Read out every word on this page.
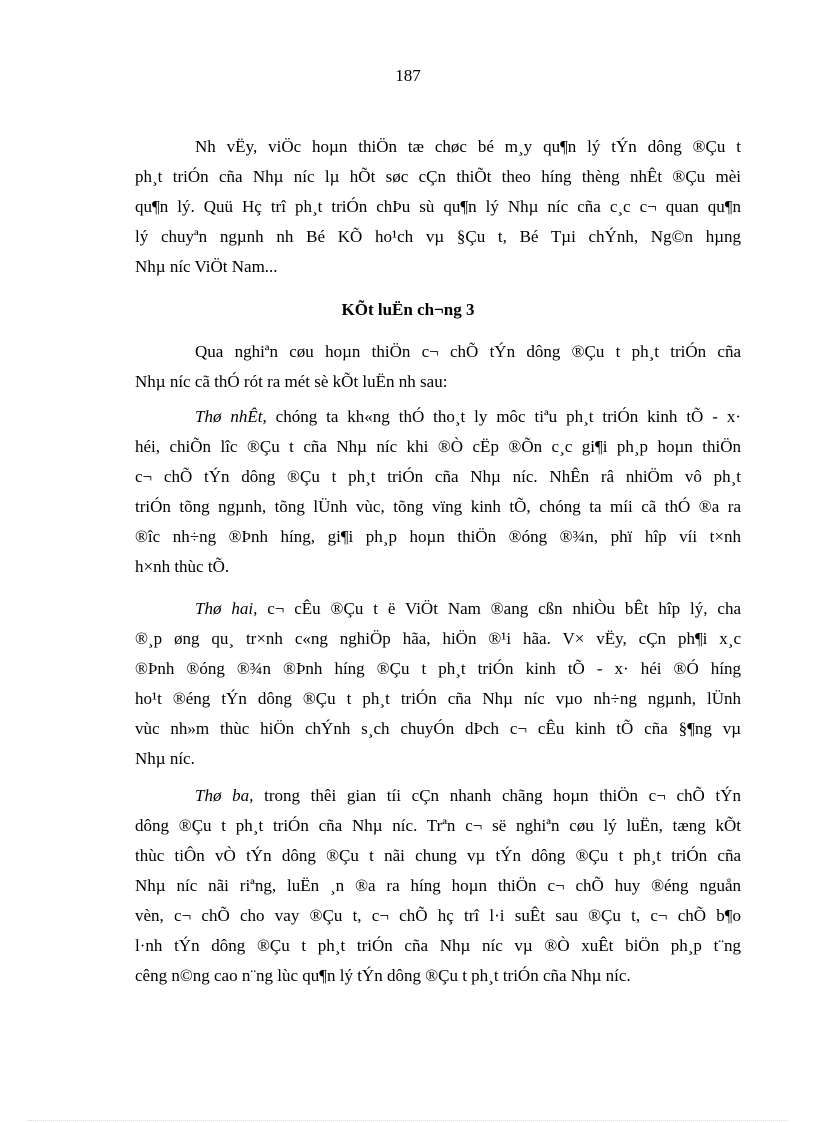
187
Nh vËy, viÖc hoµn thiÖn tæ chøc bé m¸y qu¶n lý tÝn dông ®Çu t
ph¸t triÓn cña Nhµ níc lµ hÕt søc cÇn thiÕt theo híng thèng nhÊt ®Çu mèi
qu¶n lý. Quü Hç trî ph¸t triÓn chÞu sù qu¶n lý Nhµ níc cña c¸c c¬ quan qu¶n
lý chuyªn ngµnh nh Bé KÕ ho¹ch vµ §Çu t, Bé Tµi chÝnh, Ng©n hµng
Nhµ níc ViÖt Nam...
KÕt luËn ch¬ng 3
Qua nghiªn cøu hoµn thiÖn c¬ chÕ tÝn dông ®Çu t ph¸t triÓn cña
Nhµ níc cã thÓ rót ra mét sè kÕt luËn nh sau:
Thø nhÊt, chóng ta kh«ng thÓ tho¸t ly môc tiªu ph¸t triÓn kinh tÕ - x·
héi, chiÕn lîc ®Çu t cña Nhµ níc khi ®Ò cËp ®Õn c¸c gi¶i ph¸p hoµn thiÖn
c¬ chÕ tÝn dông ®Çu t ph¸t triÓn cña Nhµ níc. NhÊn râ nhiÖm vô ph¸t
triÓn tõng ngµnh, tõng lÜnh vùc, tõng vïng kinh tÕ, chóng ta míi cã thÓ ®a ra
®îc nh÷ng ®Þnh híng, gi¶i ph¸p hoµn thiÖn ®óng ®¾n, phï hîp víi t×nh
h×nh thùc tÕ.
Thø hai, c¬ cÊu ®Çu t ë ViÖt Nam ®ang cßn nhiÒu bÊt hîp lý, cha
®¸p øng qu¸ tr×nh c«ng nghiÖp hãa, hiÖn ®¹i hãa. V× vËy, cÇn ph¶i x¸c
®Þnh ®óng ®¾n ®Þnh híng ®Çu t ph¸t triÓn kinh tÕ - x· héi ®Ó híng
ho¹t ®éng tÝn dông ®Çu t ph¸t triÓn cña Nhµ níc vµo nh÷ng ngµnh, lÜnh
vùc nh»m thùc hiÖn chÝnh s¸ch chuyÓn dÞch c¬ cÊu kinh tÕ cña §¶ng vµ
Nhµ níc.
Thø ba, trong thêi gian tíi cÇn nhanh chãng hoµn thiÖn c¬ chÕ tÝn
dông ®Çu t ph¸t triÓn cña Nhµ níc. Trªn c¬ së nghiªn cøu lý luËn, tæng kÕt
thùc tiÔn vÒ tÝn dông ®Çu t nãi chung vµ tÝn dông ®Çu t ph¸t triÓn cña
Nhµ níc nãi riªng, luËn ¸n ®a ra híng hoµn thiÖn c¬ chÕ huy ®éng nguån
vèn, c¬ chÕ cho vay ®Çu t, c¬ chÕ hç trî l·i suÊt sau ®Çu t, c¬ chÕ b¶o
l·nh tÝn dông ®Çu t ph¸t triÓn cña Nhµ níc vµ ®Ò xuÊt biÖn ph¸p t¨ng
cêng n©ng cao n¨ng lùc qu¶n lý tÝn dông ®Çu t ph¸t triÓn cña Nhµ níc.
